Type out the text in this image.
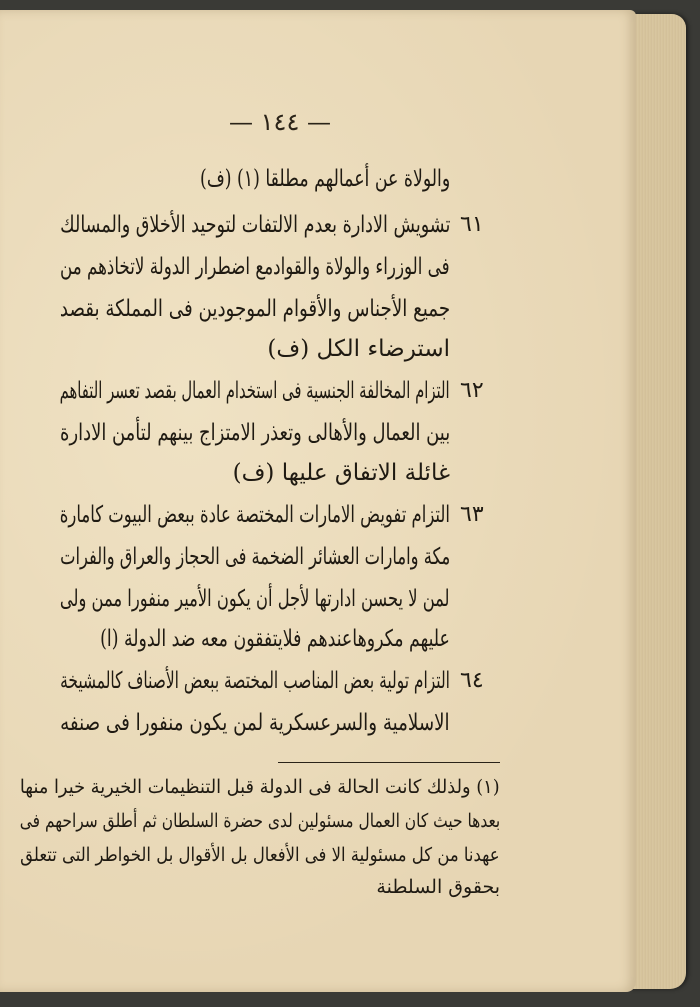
— ١٤٤ —
والولاة عن أعمالهم مطلقا (١) (ف)
تشويش الادارة بعدم الالتفات لتوحيد الأخلاق والمسالك ٦١
فى الوزراء والولاة والقوادمع اضطرار الدولة لاتخاذهم من
جميع الأجناس والأقوام الموجودين فى المملكة بقصد
استرضاء الكل (ف)
التزام المخالفة الجنسية فى استخدام العمال بقصد تعسر التفاهم ٦٢
بين العمال والأهالى وتعذر الامتزاج بينهم لتأمن الادارة
غائلة الاتفاق عليها (ف)
التزام تفويض الامارات المختصة عادة ببعض البيوت كامارة ٦٣
مكة وامارات العشائر الضخمة فى الحجاز والعراق والفرات
لمن لا يحسن ادارتها لأجل أن يكون الأمير منفورا ممن ولى
عليهم مكروهاعندهم فلايتفقون معه ضد الدولة (ا)
التزام تولية بعض المناصب المختصة ببعض الأصناف كالمشيخة ٦٤
الاسلامية والسرعسكرية لمن يكون منفورا فى صنفه
(١) ولذلك كانت الحالة فى الدولة قبل التنظيمات الخيرية خيرا منها
بعدها حيث كان العمال مسئولين لدى حضرة السلطان ثم أطلق سراحهم فى
عهدنا من كل مسئولية الا فى الأفعال بل الأقوال بل الخواطر التى تتعلق
بحقوق السلطنة
